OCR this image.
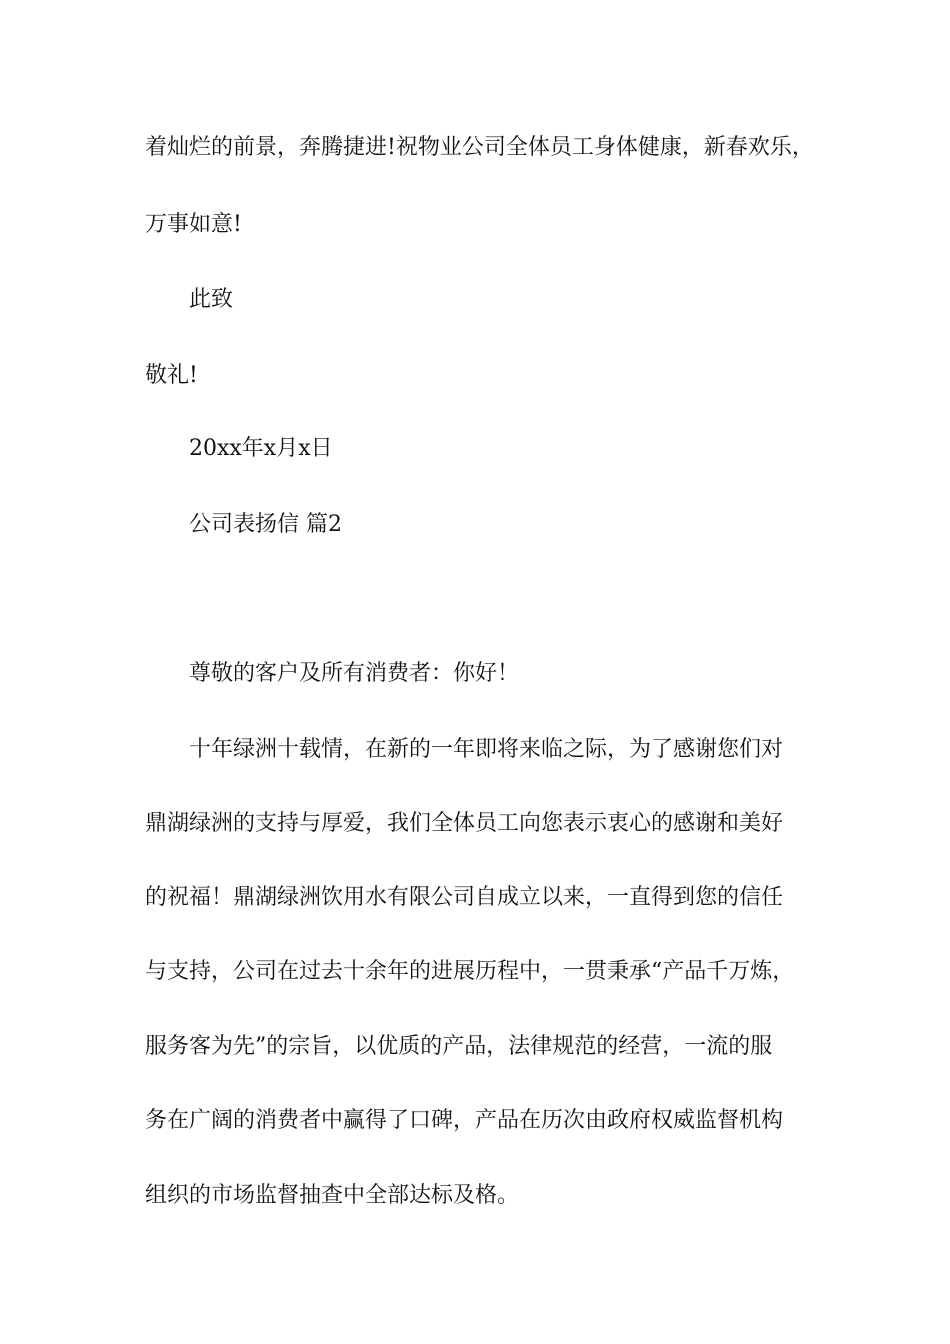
着灿烂的前景，奔腾捷进!祝物业公司全体员工身体健康，新春欢乐，
万事如意!
此致
敬礼!
20xx年x月x日
公司表扬信 篇2
尊敬的客户及所有消费者：你好！
十年绿洲十载情，在新的一年即将来临之际，为了感谢您们对
鼎湖绿洲的支持与厚爱，我们全体员工向您表示衷心的感谢和美好
的祝福！鼎湖绿洲饮用水有限公司自成立以来，一直得到您的信任
与支持，公司在过去十余年的进展历程中，一贯秉承“产品千万炼，
服务客为先”的宗旨，以优质的产品，法律规范的经营，一流的服
务在广阔的消费者中赢得了口碑，产品在历次由政府权威监督机构
组织的市场监督抽查中全部达标及格。
